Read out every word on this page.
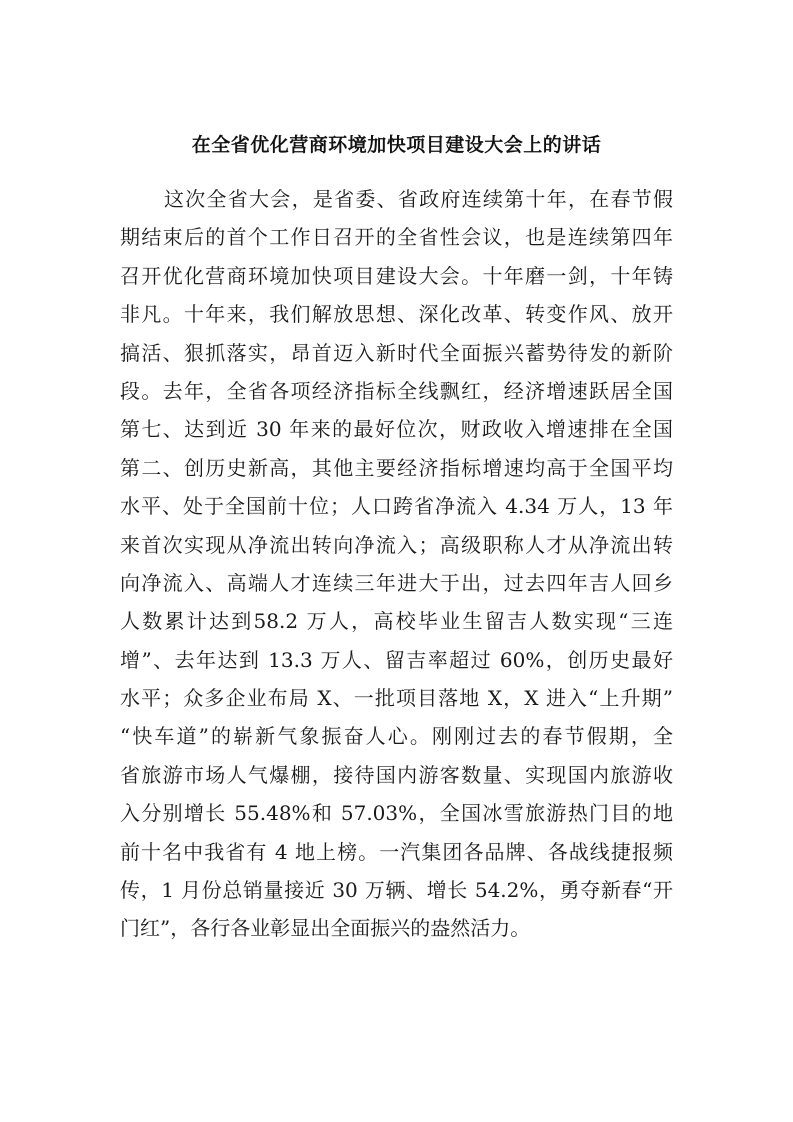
在全省优化营商环境加快项目建设大会上的讲话
这次全省大会，是省委、省政府连续第十年，在春节假
期结束后的首个工作日召开的全省性会议，也是连续第四年
召开优化营商环境加快项目建设大会。十年磨一剑，十年铸
非凡。十年来，我们解放思想、深化改革、转变作风、放开
搞活、狠抓落实，昂首迈入新时代全面振兴蓄势待发的新阶
段。去年，全省各项经济指标全线飘红，经济增速跃居全国
第七、达到近 30 年来的最好位次，财政收入增速排在全国
第二、创历史新高，其他主要经济指标增速均高于全国平均
水平、处于全国前十位；人口跨省净流入 4.34 万人，13 年
来首次实现从净流出转向净流入；高级职称人才从净流出转
向净流入、高端人才连续三年进大于出，过去四年吉人回乡
人数累计达到58.2 万人，高校毕业生留吉人数实现“三连
增”、去年达到 13.3 万人、留吉率超过 60%，创历史最好
水平；众多企业布局 X、一批项目落地 X，X 进入“上升期”
“快车道”的崭新气象振奋人心。刚刚过去的春节假期，全
省旅游市场人气爆棚，接待国内游客数量、实现国内旅游收
入分别增长 55.48%和 57.03%，全国冰雪旅游热门目的地
前十名中我省有 4 地上榜。一汽集团各品牌、各战线捷报频
传，1 月份总销量接近 30 万辆、增长 54.2%，勇夺新春“开
门红”，各行各业彰显出全面振兴的盎然活力。
